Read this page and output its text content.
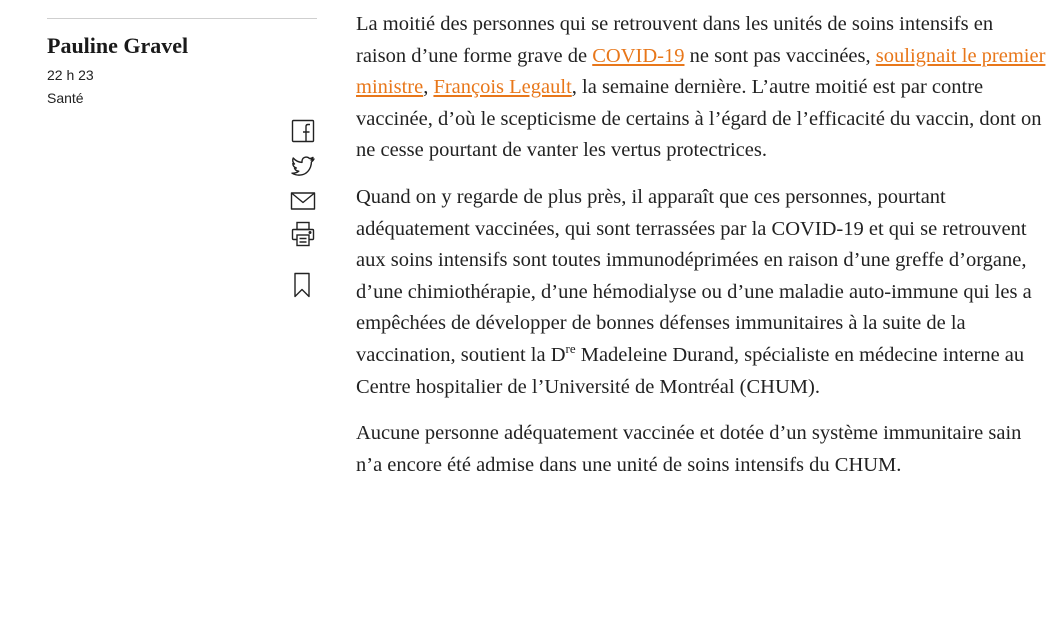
Pauline Gravel
22 h 23
Santé

La moitié des personnes qui se retrouvent dans les unités de soins intensifs en raison d’une forme grave de COVID-19 ne sont pas vaccinées, soulignait le premier ministre, François Legault, la semaine dernière. L’autre moitié est par contre vaccinée, d’où le scepticisme de certains à l’égard de l’efficacité du vaccin, dont on ne cesse pourtant de vanter les vertus protectrices.

Quand on y regarde de plus près, il apparaît que ces personnes, pourtant adéquatement vaccinées, qui sont terrassées par la COVID-19 et qui se retrouvent aux soins intensifs sont toutes immunodéprimées en raison d’une greffe d’organe, d’une chimiothérapie, d’une hémodialyse ou d’une maladie auto-immune qui les a empêchées de développer de bonnes défenses immunitaires à la suite de la vaccination, soutient la Dre Madeleine Durand, spécialiste en médecine interne au Centre hospitalier de l’Université de Montréal (CHUM).

Aucune personne adéquatement vaccinée et dotée d’un système immunitaire sain n’a encore été admise dans une unité de soins intensifs du CHUM.
